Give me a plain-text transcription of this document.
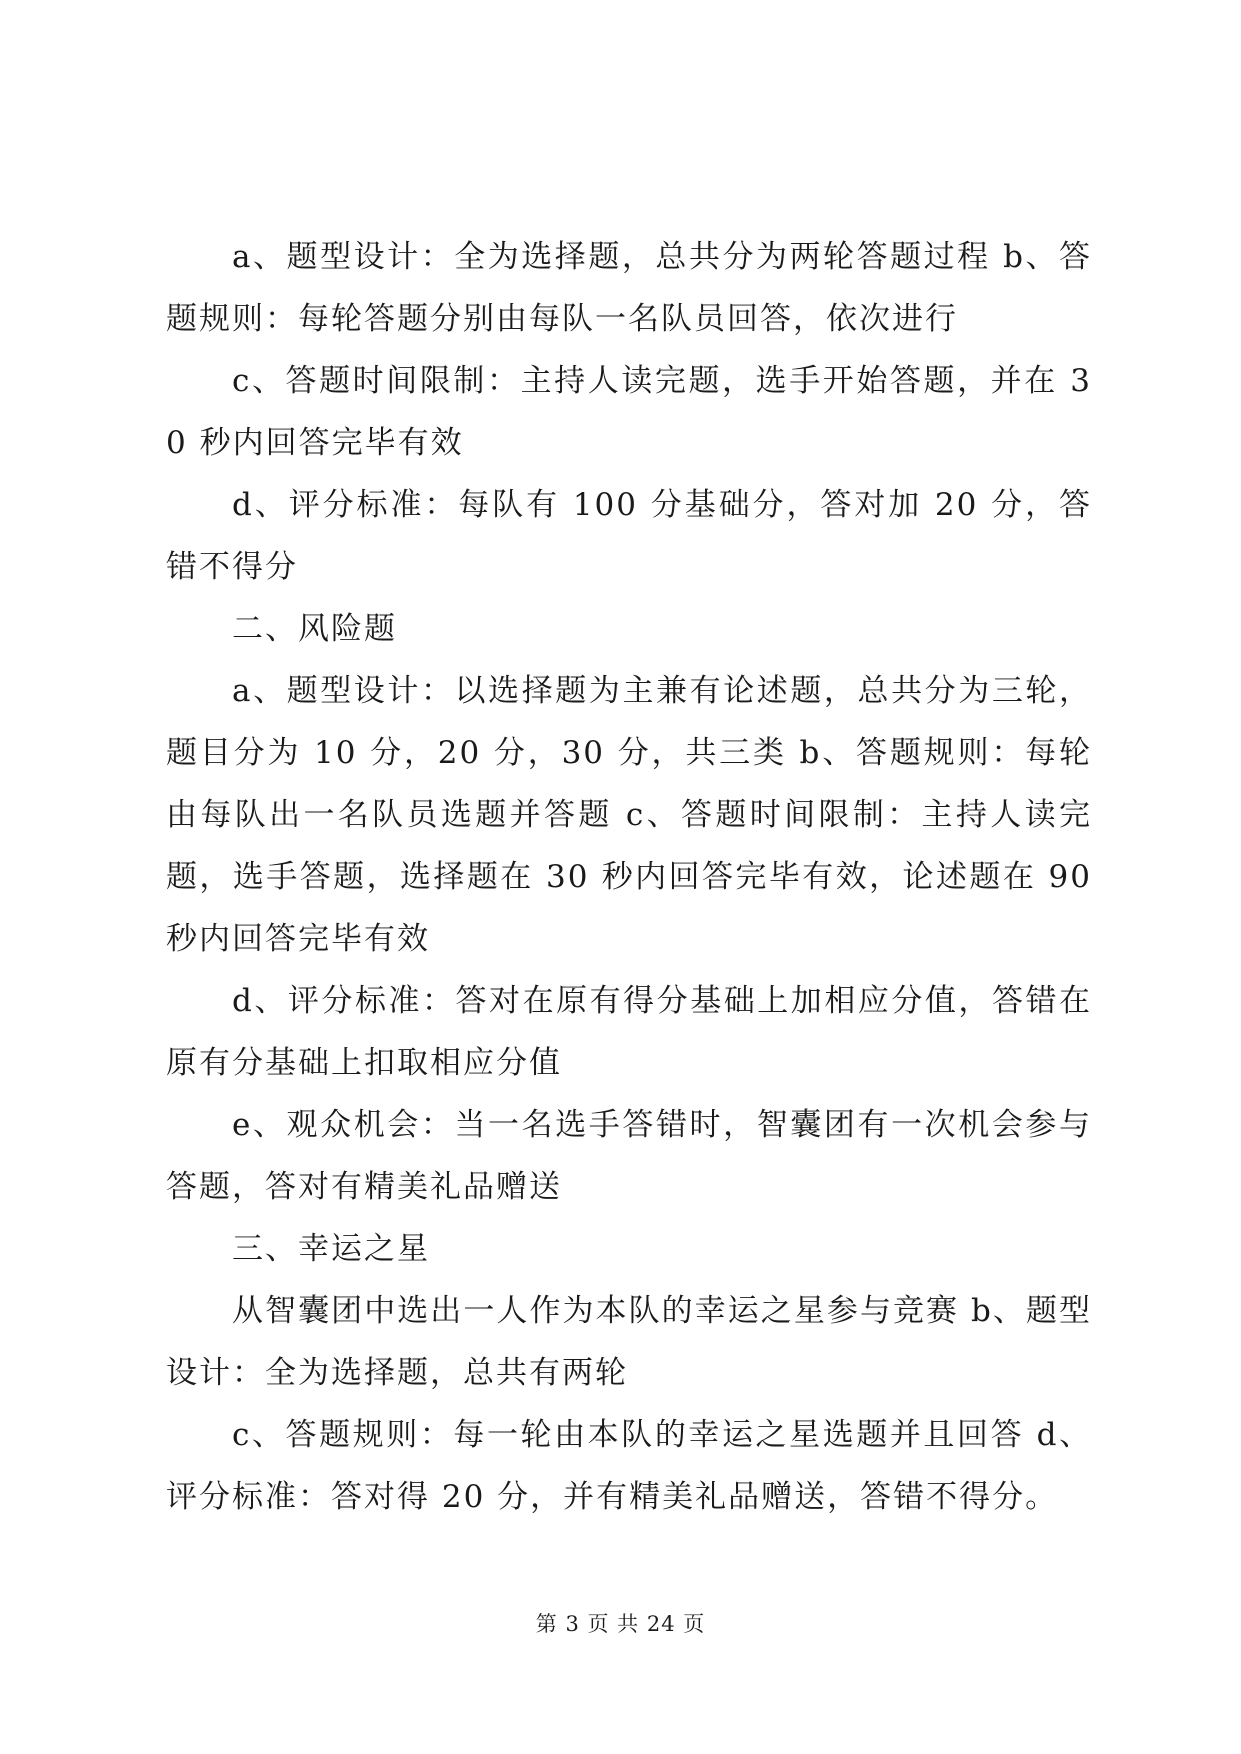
a、题型设计：全为选择题，总共分为两轮答题过程 b、答题规则：每轮答题分别由每队一名队员回答，依次进行

c、答题时间限制：主持人读完题，选手开始答题，并在 30 秒内回答完毕有效

d、评分标准：每队有 100 分基础分，答对加 20 分，答错不得分

二、风险题

a、题型设计：以选择题为主兼有论述题，总共分为三轮，题目分为 10 分，20 分，30 分，共三类 b、答题规则：每轮由每队出一名队员选题并答题 c、答题时间限制：主持人读完题，选手答题，选择题在 30 秒内回答完毕有效，论述题在 90 秒内回答完毕有效

d、评分标准：答对在原有得分基础上加相应分值，答错在原有分基础上扣取相应分值

e、观众机会：当一名选手答错时，智囊团有一次机会参与答题，答对有精美礼品赠送

三、幸运之星

从智囊团中选出一人作为本队的幸运之星参与竞赛 b、题型设计：全为选择题，总共有两轮

c、答题规则：每一轮由本队的幸运之星选题并且回答 d、评分标准：答对得 20 分，并有精美礼品赠送，答错不得分。

第 3 页 共 24 页
